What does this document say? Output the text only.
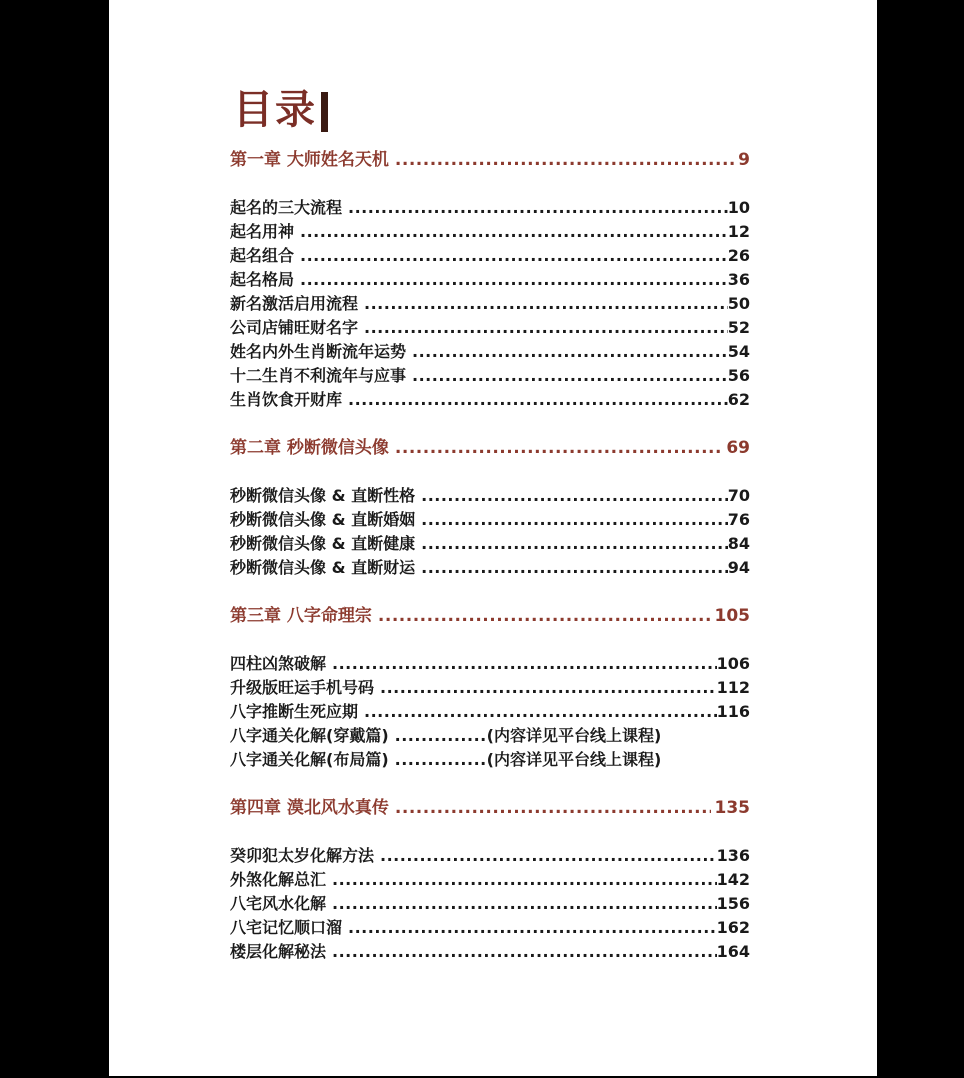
目录
第一章 大师姓名天机 .....	9
起名的三大流程 .....	10
起名用神 .....	12
起名组合 .....	26
起名格局 .....	36
新名激活启用流程 .....	50
公司店铺旺财名字 .....	52
姓名内外生肖断流年运势 .....	54
十二生肖不利流年与应事 .....	56
生肖饮食开财库 .....	62
第二章 秒断微信头像 .....	69
秒断微信头像 & 直断性格 .....	70
秒断微信头像 & 直断婚姻 .....	76
秒断微信头像 & 直断健康 .....	84
秒断微信头像 & 直断财运 .....	94
第三章 八字命理宗 .....	105
四柱凶煞破解 .....	106
升级版旺运手机号码 .....	112
八字推断生死应期 .....	116
八字通关化解(穿戴篇) .....	(内容详见平台线上课程)
八字通关化解(布局篇) .....	(内容详见平台线上课程)
第四章 漠北风水真传 .....	135
癸卯犯太岁化解方法 .....	136
外煞化解总汇 .....	142
八宅风水化解 .....	156
八宅记忆顺口溜 .....	162
楼层化解秘法 .....	164
